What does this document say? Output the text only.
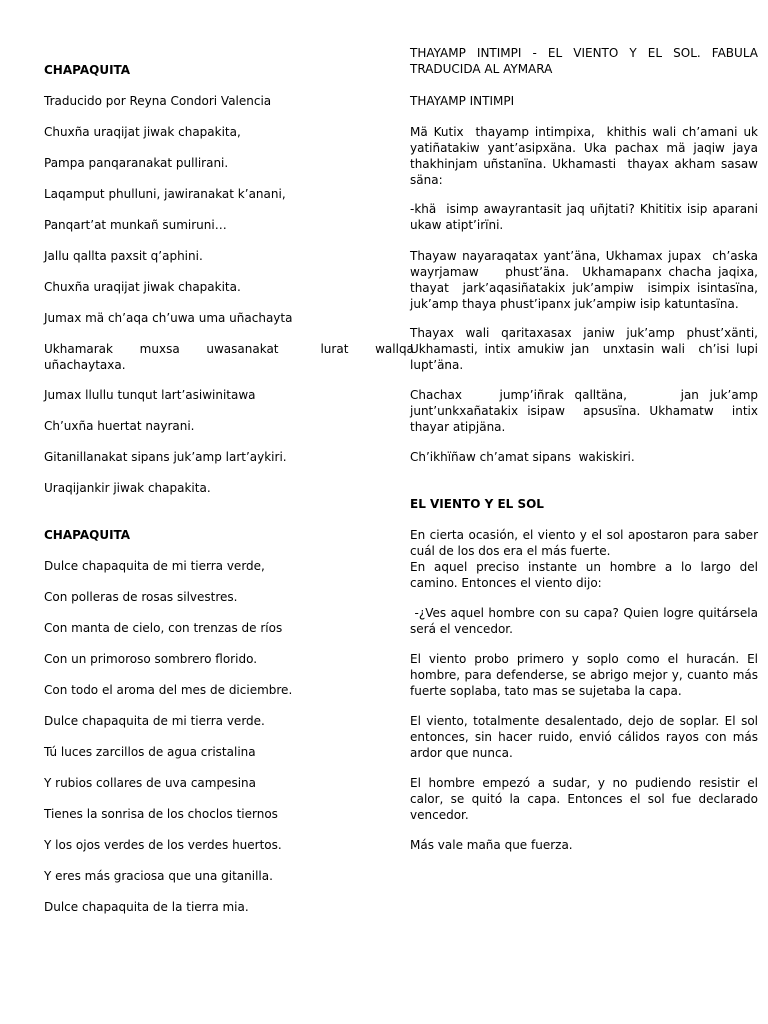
CHAPAQUITA
Traducido por Reyna Condori Valencia
Chuxña uraqijat jiwak chapakita,
Pampa panqaranakat pullirani.
Laqamput phulluni, jawiranakat k’anani,
Panqart’at munkañ sumiruni…
Jallu qallta paxsit q’aphini.
Chuxña uraqijat jiwak chapakita.
Jumax mä ch’aqa ch’uwa uma uñachayta
Ukhamarak       muxsa       uwasanakat           lurat       wallqa
uñachaytaxa.
Jumax llullu tunqut lart’asiwinitawa
Ch’uxña huertat nayrani.
Gitanillanakat sipans juk’amp lart’aykiri.
Uraqijankir jiwak chapakita.
CHAPAQUITA
Dulce chapaquita de mi tierra verde,
Con polleras de rosas silvestres.
Con manta de cielo, con trenzas de ríos
Con un primoroso sombrero florido.
Con todo el aroma del mes de diciembre.
Dulce chapaquita de mi tierra verde.
Tú luces zarcillos de agua cristalina
Y rubios collares de uva campesina
Tienes la sonrisa de los choclos tiernos
Y los ojos verdes de los verdes huertos.
Y eres más graciosa que una gitanilla.
Dulce chapaquita de la tierra mia.
THAYAMP  INTIMPI  -  EL  VIENTO  Y  EL  SOL.  FABULA
TRADUCIDA AL AYMARA
THAYAMP INTIMPI
Mä Kutix  thayamp intimpixa,  khithis wali ch’amani uk
yatiñatakiw yant’asipxäna. Uka pachax mä jaqiw jaya
thakhinjam uñstanïna. Ukhamasti  thayax akham sasaw
säna:
-khä  isimp awayrantasit jaq uñjtati? Khititix isip aparani
ukaw atipt’irïni.
Thayaw nayaraqatax yant’äna, Ukhamax jupax  ch’aska
wayrjamaw    phust’äna.  Ukhamapanx chacha jaqixa,
thayat  jark’aqasiñatakix juk’ampiw  isimpix isintasïna,
juk’amp thaya phust’ipanx juk’ampiw isip katuntasïna.
Thayax wali qaritaxasax janiw juk’amp phust’xänti,
Ukhamasti, intix amukiw jan  unxtasin wali  ch’isi lupi
lupt’äna.
Chachax       jump’iñrak  qalltäna,          jan  juk’amp
junt’unkxañatakix isipaw  apsusïna. Ukhamatw  intix
thayar atipjäna.
Ch’ikhïñaw ch’amat sipans  wakiskiri.
EL VIENTO Y EL SOL
En cierta ocasión, el viento y el sol apostaron para saber
cuál de los dos era el más fuerte.
En  aquel  preciso  instante  un  hombre  a  lo  largo  del
camino. Entonces el viento dijo:
-¿Ves aquel hombre con su capa? Quien logre quitársela
será el vencedor.
El viento probo primero y soplo como el huracán. El
hombre, para defenderse, se abrigo mejor y, cuanto más
fuerte soplaba, tato mas se sujetaba la capa.
El viento, totalmente desalentado, dejo de soplar. El sol
entonces, sin hacer ruido, envió cálidos rayos con más
ardor que nunca.
El hombre empezó a sudar, y no pudiendo resistir el
calor, se quitó la capa. Entonces el sol fue declarado
vencedor.
Más vale maña que fuerza.
